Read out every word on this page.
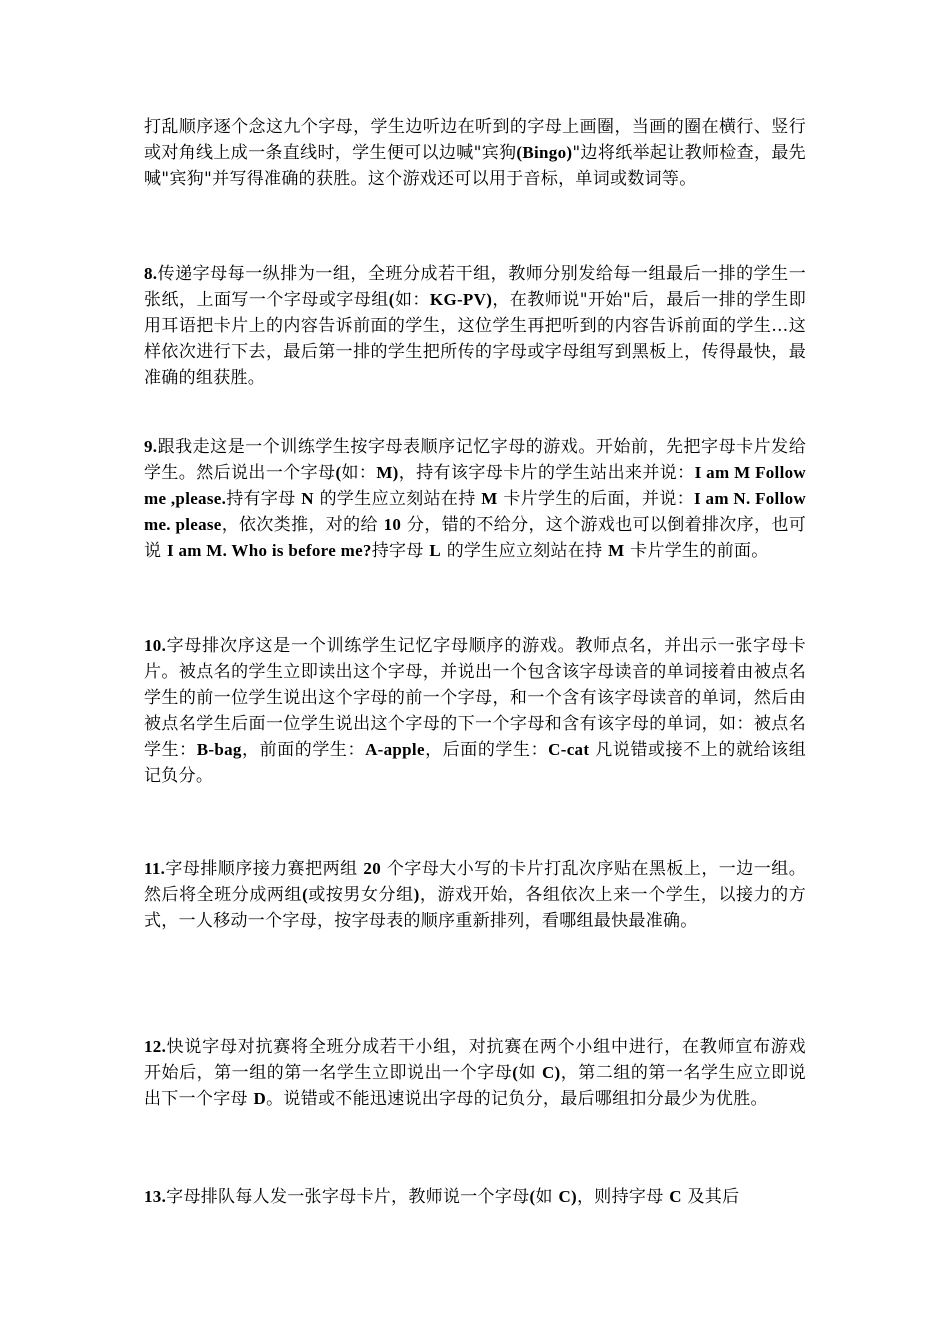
打乱顺序逐个念这九个字母，学生边听边在听到的字母上画圈，当画的圈在横行、竖行或对角线上成一条直线时，学生便可以边喊"宾狗(Bingo)"边将纸举起让教师检查，最先喊"宾狗"并写得准确的获胜。这个游戏还可以用于音标，单词或数词等。

8.传递字母每一纵排为一组，全班分成若干组，教师分别发给每一组最后一排的学生一张纸，上面写一个字母或字母组(如：KG-PV)，在教师说"开始"后，最后一排的学生即用耳语把卡片上的内容告诉前面的学生，这位学生再把听到的内容告诉前面的学生…这样依次进行下去，最后第一排的学生把所传的字母或字母组写到黑板上，传得最快，最准确的组获胜。

9.跟我走这是一个训练学生按字母表顺序记忆字母的游戏。开始前，先把字母卡片发给学生。然后说出一个字母(如：M)，持有该字母卡片的学生站出来并说：I am M Follow me ,please.持有字母 N 的学生应立刻站在持 M 卡片学生的后面，并说：I am N. Follow me. please，依次类推，对的给 10 分，错的不给分，这个游戏也可以倒着排次序，也可说 I am M. Who is before me?持字母 L 的学生应立刻站在持 M 卡片学生的前面。

10.字母排次序这是一个训练学生记忆字母顺序的游戏。教师点名，并出示一张字母卡片。被点名的学生立即读出这个字母，并说出一个包含该字母读音的单词接着由被点名学生的前一位学生说出这个字母的前一个字母，和一个含有该字母读音的单词，然后由被点名学生后面一位学生说出这个字母的下一个字母和含有该字母的单词，如：被点名学生：B-bag，前面的学生：A-apple，后面的学生：C-cat 凡说错或接不上的就给该组记负分。

11.字母排顺序接力赛把两组 20 个字母大小写的卡片打乱次序贴在黑板上，一边一组。然后将全班分成两组(或按男女分组)，游戏开始，各组依次上来一个学生，以接力的方式，一人移动一个字母，按字母表的顺序重新排列，看哪组最快最准确。

12.快说字母对抗赛将全班分成若干小组，对抗赛在两个小组中进行，在教师宣布游戏开始后，第一组的第一名学生立即说出一个字母(如 C)，第二组的第一名学生应立即说出下一个字母 D。说错或不能迅速说出字母的记负分，最后哪组扣分最少为优胜。

13.字母排队每人发一张字母卡片，教师说一个字母(如 C)，则持字母 C 及其后
